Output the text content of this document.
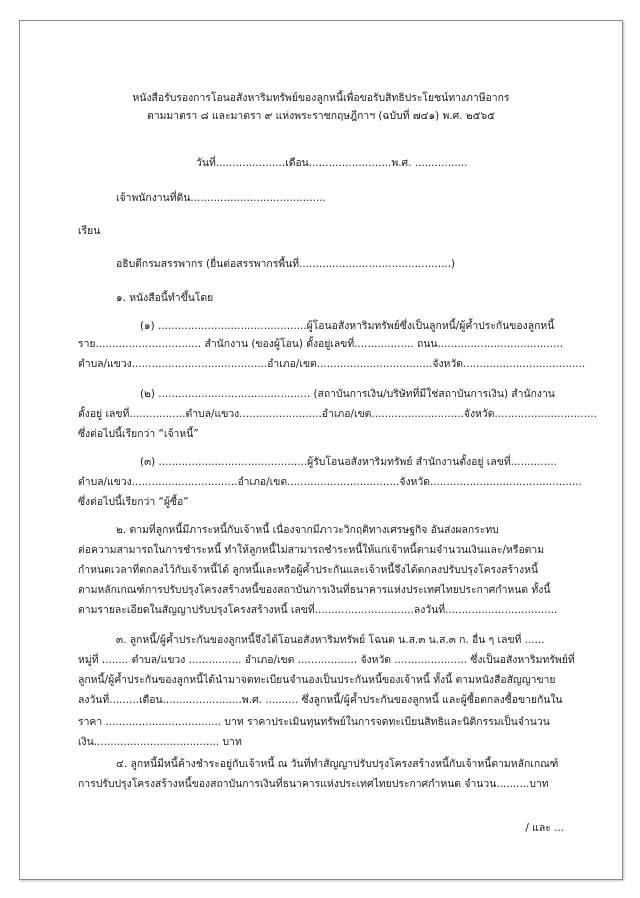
หนังสือรับรองการโอนอสังหาริมทรัพย์ของลูกหนี้เพื่อขอรับสิทธิประโยชน์ทางภาษีอากร
ตามมาตรา ๘ และมาตรา ๙ แห่งพระราชกฤษฎีกาฯ (ฉบับที่ ๗๔๑) พ.ศ. ๒๕๖๕
วันที่.....................เดือน.........................พ.ศ. ................
เจ้าพนักงานที่ดิน.........................................
เรียน
อธิบดีกรมสรรพากร (ยื่นต่อสรรพากรพื้นที่..............................................)
๑. หนังสือนี้ทำขึ้นโดย
(๑) .............................................ผู้โอนอสังหาริมทรัพย์ซึ่งเป็นลูกหนี้/ผู้ค้ำประกันของลูกหนี้
ราย................................ สำนักงาน (ของผู้โอน) ตั้งอยู่เลขที่.................. ถนน......................................
ตำบล/แขวง.........................................อำเภอ/เขต...................................จังหวัด.....................................
(๒) .............................................. (สถาบันการเงิน/บริษัทที่มีใช่สถาบันการเงิน) สำนักงาน
ตั้งอยู่ เลขที่.................ตำบล/แขวง.........................อำเภอ/เขต............................จังหวัด...............................
ซึ่งต่อไปนี้เรียกว่า “เจ้าหนี้”
(๓) .............................................ผู้รับโอนอสังหาริมทรัพย์ สำนักงานตั้งอยู่ เลขที่..............
ตำบล/แขวง................................อำเภอ/เขต..................................จังหวัด..............................................
ซึ่งต่อไปนี้เรียกว่า “ผู้ซื้อ”
๒. ตามที่ลูกหนี้มีภาระหนี้กับเจ้าหนี้ เนื่องจากมีภาวะวิกฤติทางเศรษฐกิจ อันส่งผลกระทบ
ต่อความสามารถในการชำระหนี้ ทำให้ลูกหนี้ไม่สามารถชำระหนี้ให้แก่เจ้าหนี้ตามจำนวนเงินและ/หรือตาม
กำหนดเวลาที่ตกลงไว้กับเจ้าหนี้ได้ ลูกหนี้และหรือผู้ค้ำประกันและเจ้าหนี้จึงได้ตกลงปรับปรุงโครงสร้างหนี้
ตามหลักเกณฑ์การปรับปรุงโครงสร้างหนี้ของสถาบันการเงินที่ธนาคารแห่งประเทศไทยประกาศกำหนด ทั้งนี้
ตามรายละเอียดในสัญญาปรับปรุงโครงสร้างหนี้ เลขที่..............................ลงวันที่..................................
๓. ลูกหนี้/ผู้ค้ำประกันของลูกหนี้จึงได้โอนอสังหาริมทรัพย์ โฉนด น.ส.๓ น.ส.๓ ก. อื่น ๆ เลขที่ ......
หมู่ที่ ........ ตำบล/แขวง ................ อำเภอ/เขต .................. จังหวัด ...................... ซึ่งเป็นอสังหาริมทรัพย์ที่
ลูกหนี้/ผู้ค้ำประกันของลูกหนี้ได้นำมาจดทะเบียนจำนองเป็นประกันหนี้ของเจ้าหนี้ ทั้งนี้ ตามหนังสือสัญญาขาย
ลงวันที่.........เดือน........................พ.ศ. .......... ซึ่งลูกหนี้/ผู้ค้ำประกันของลูกหนี้ และผู้ซื้อตกลงซื้อขายกันใน
ราคา ................................... บาท ราคาประเมินทุนทรัพย์ในการจดทะเบียนสิทธิและนิติกรรมเป็นจำนวน
เงิน...................................... บาท
๔. ลูกหนี้มีหนี้ค้างชำระอยู่กับเจ้าหนี้ ณ วันที่ทำสัญญาปรับปรุงโครงสร้างหนี้กับเจ้าหนี้ตามหลักเกณฑ์
การปรับปรุงโครงสร้างหนี้ของสถาบันการเงินที่ธนาคารแห่งประเทศไทยประกาศกำหนด จำนวน..........บาท
/ และ ...
